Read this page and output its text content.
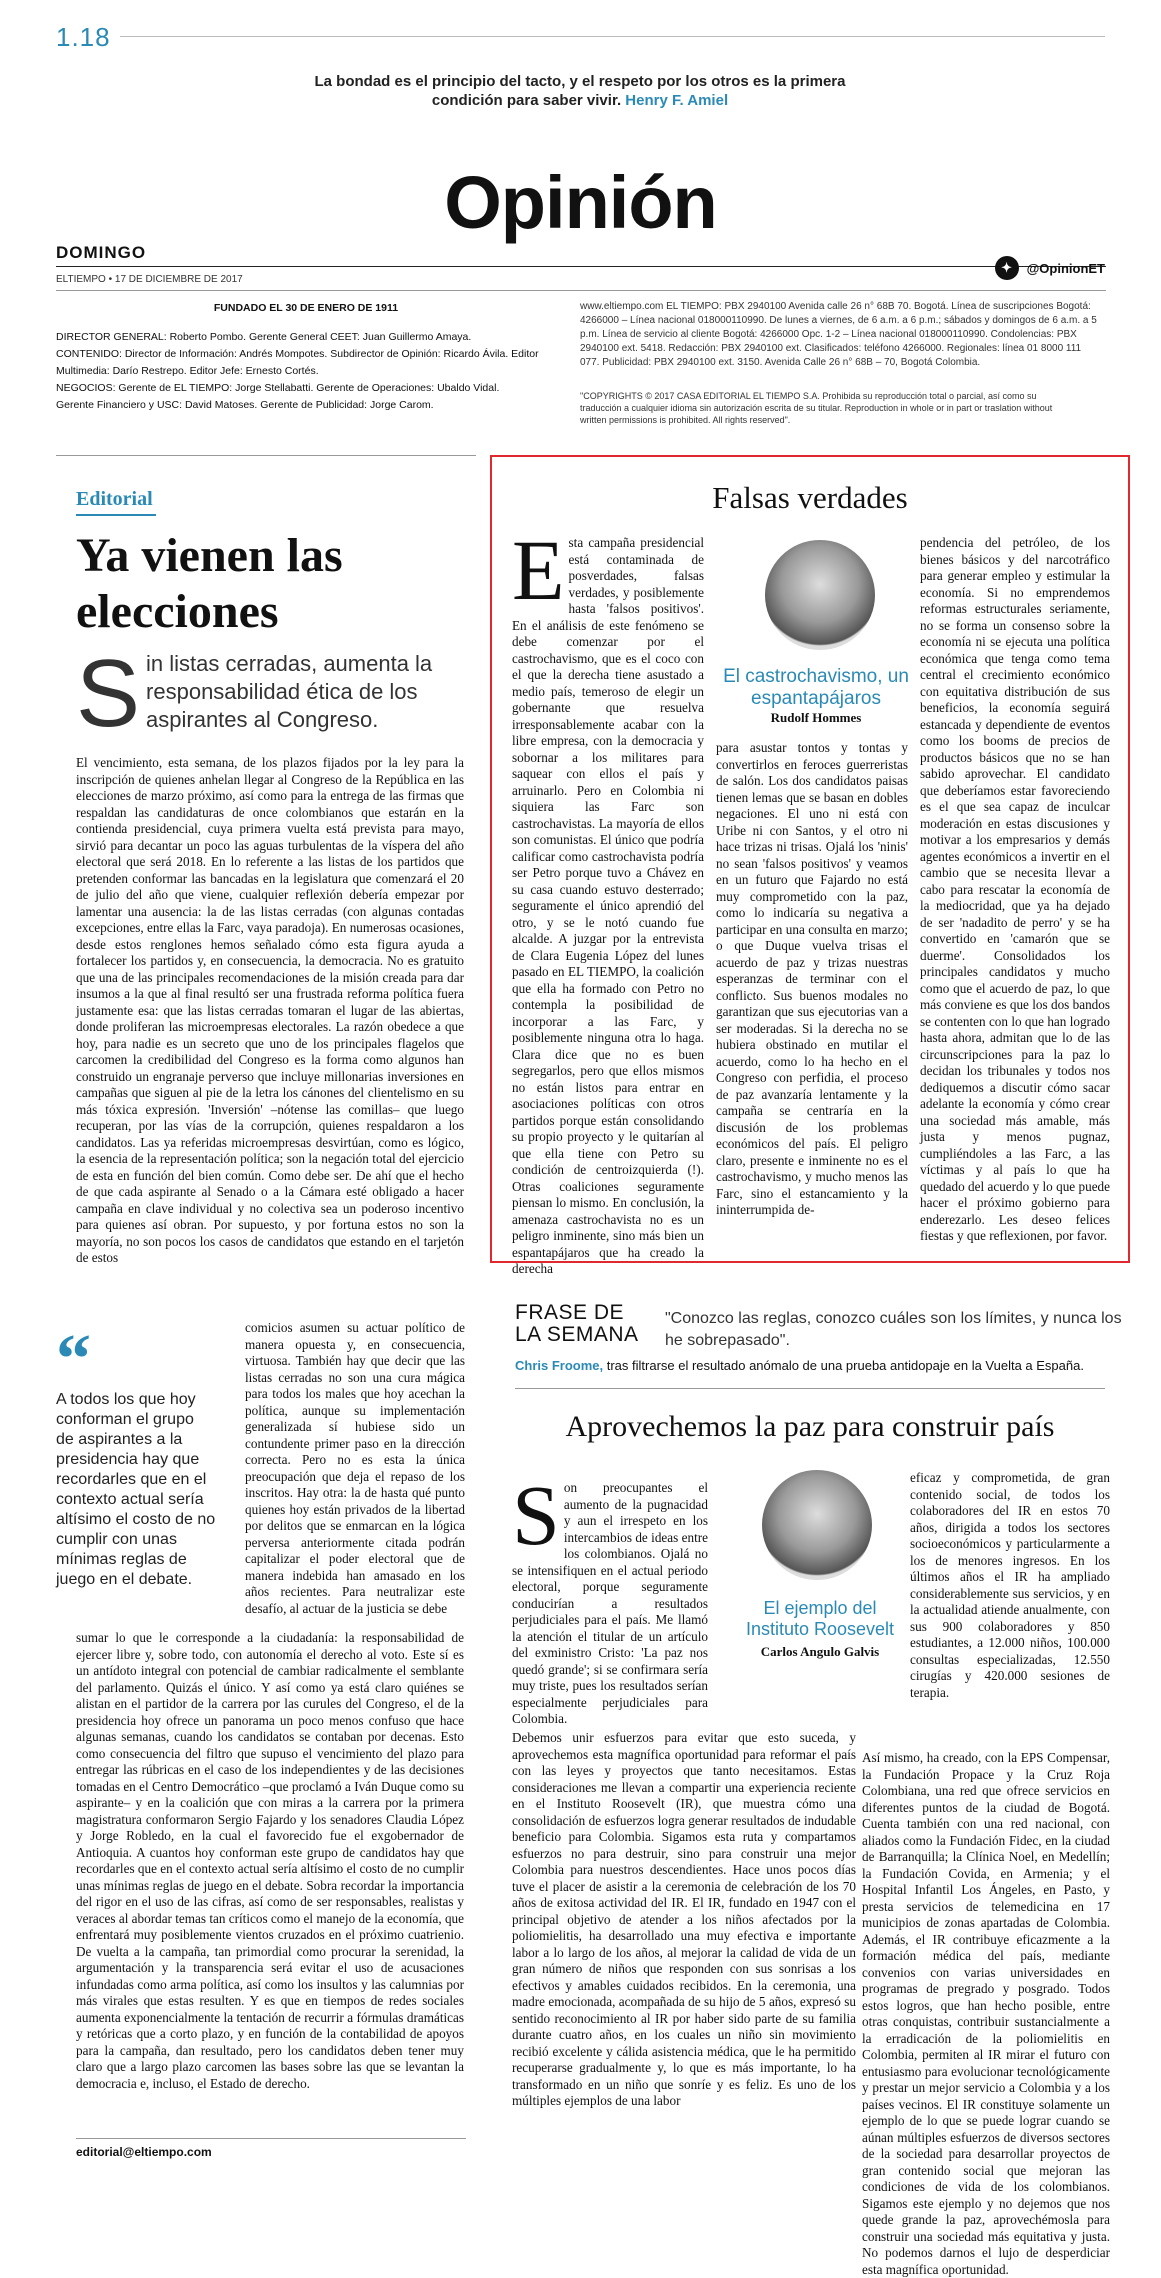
1.18
La bondad es el principio del tacto, y el respeto por los otros es la primera condición para saber vivir. Henry F. Amiel
Opinión
DOMINGO
ELTIEMPO • 17 DE DICIEMBRE DE 2017
✦	@OpinionET
FUNDADO EL 30 DE ENERO DE 1911
DIRECTOR GENERAL: Roberto Pombo. Gerente General CEET: Juan Guillermo Amaya.
CONTENIDO: Director de Información: Andrés Mompotes. Subdirector de Opinión: Ricardo Ávila. Editor Multimedia: Darío Restrepo. Editor Jefe: Ernesto Cortés.
NEGOCIOS: Gerente de EL TIEMPO: Jorge Stellabatti. Gerente de Operaciones: Ubaldo Vidal.
Gerente Financiero y USC: David Matoses. Gerente de Publicidad: Jorge Carom.
www.eltiempo.com EL TIEMPO: PBX 2940100 Avenida calle 26 n° 68B 70. Bogotá. Línea de suscripciones Bogotá: 4266000 – Línea nacional 018000110990. De lunes a viernes, de 6 a.m. a 6 p.m.; sábados y domingos de 6 a.m. a 5 p.m. Línea de servicio al cliente Bogotá: 4266000 Opc. 1-2 – Línea nacional 018000110990. Condolencias: PBX 2940100 ext. 5418. Redacción: PBX 2940100 ext. Clasificados: teléfono 4266000. Regionales: línea 01 8000 111 077. Publicidad: PBX 2940100 ext. 3150. Avenida Calle 26 n° 68B – 70, Bogotá Colombia.
"COPYRIGHTS © 2017 CASA EDITORIAL EL TIEMPO S.A. Prohibida su reproducción total o parcial, así como su traducción a cualquier idioma sin autorización escrita de su titular. Reproduction in whole or in part or traslation without written permissions is prohibited. All rights reserved".
Editorial
Ya vienen las elecciones
S in listas cerradas, aumenta la responsabilidad ética de los aspirantes al Congreso.
El vencimiento, esta semana, de los plazos fijados por la ley para la inscripción de quienes anhelan llegar al Congreso de la República en las elecciones de marzo próximo, así como para la entrega de las firmas que respaldan las candidaturas de once colombianos que estarán en la contienda presidencial, cuya primera vuelta está prevista para mayo, sirvió para decantar un poco las aguas turbulentas de la víspera del año electoral que será 2018. En lo referente a las listas de los partidos que pretenden conformar las bancadas en la legislatura que comenzará el 20 de julio del año que viene, cualquier reflexión debería empezar por lamentar una ausencia: la de las listas cerradas (con algunas contadas excepciones, entre ellas la Farc, vaya paradoja). En numerosas ocasiones, desde estos renglones hemos señalado cómo esta figura ayuda a fortalecer los partidos y, en consecuencia, la democracia. No es gratuito que una de las principales recomendaciones de la misión creada para dar insumos a la que al final resultó ser una frustrada reforma política fuera justamente esa: que las listas cerradas tomaran el lugar de las abiertas, donde proliferan las microempresas electorales. La razón obedece a que hoy, para nadie es un secreto que uno de los principales flagelos que carcomen la credibilidad del Congreso es la forma como algunos han construido un engranaje perverso que incluye millonarias inversiones en campañas que siguen al pie de la letra los cánones del clientelismo en su más tóxica expresión. 'Inversión' –nótense las comillas– que luego recuperan, por las vías de la corrupción, quienes respaldaron a los candidatos. Las ya referidas microempresas desvirtúan, como es lógico, la esencia de la representación política; son la negación total del ejercicio de esta en función del bien común. Como debe ser. De ahí que el hecho de que cada aspirante al Senado o a la Cámara esté obligado a hacer campaña en clave individual y no colectiva sea un poderoso incentivo para quienes así obran. Por supuesto, y por fortuna estos no son la mayoría, no son pocos los casos de candidatos que estando en el tarjetón de estos
“
A todos los que hoy conforman el grupo de aspirantes a la presidencia hay que recordarles que en el contexto actual sería altísimo el costo de no cumplir con unas mínimas reglas de juego en el debate.
comicios asumen su actuar político de manera opuesta y, en consecuencia, virtuosa. También hay que decir que las listas cerradas no son una cura mágica para todos los males que hoy acechan la política, aunque su implementación generalizada sí hubiese sido un contundente primer paso en la dirección correcta. Pero no es esta la única preocupación que deja el repaso de los inscritos. Hay otra: la de hasta qué punto quienes hoy están privados de la libertad por delitos que se enmarcan en la lógica perversa anteriormente citada podrán capitalizar el poder electoral que de manera indebida han amasado en los años recientes. Para neutralizar este desafío, al actuar de la justicia se debe
sumar lo que le corresponde a la ciudadanía: la responsabilidad de ejercer libre y, sobre todo, con autonomía el derecho al voto. Este sí es un antídoto integral con potencial de cambiar radicalmente el semblante del parlamento. Quizás el único. Y así como ya está claro quiénes se alistan en el partidor de la carrera por las curules del Congreso, el de la presidencia hoy ofrece un panorama un poco menos confuso que hace algunas semanas, cuando los candidatos se contaban por decenas. Esto como consecuencia del filtro que supuso el vencimiento del plazo para entregar las rúbricas en el caso de los independientes y de las decisiones tomadas en el Centro Democrático –que proclamó a Iván Duque como su aspirante– y en la coalición que con miras a la carrera por la primera magistratura conformaron Sergio Fajardo y los senadores Claudia López y Jorge Robledo, en la cual el favorecido fue el exgobernador de Antioquia. A cuantos hoy conforman este grupo de candidatos hay que recordarles que en el contexto actual sería altísimo el costo de no cumplir unas mínimas reglas de juego en el debate. Sobra recordar la importancia del rigor en el uso de las cifras, así como de ser responsables, realistas y veraces al abordar temas tan críticos como el manejo de la economía, que enfrentará muy posiblemente vientos cruzados en el próximo cuatrienio. De vuelta a la campaña, tan primordial como procurar la serenidad, la argumentación y la transparencia será evitar el uso de acusaciones infundadas como arma política, así como los insultos y las calumnias por más virales que estas resulten. Y es que en tiempos de redes sociales aumenta exponencialmente la tentación de recurrir a fórmulas dramáticas y retóricas que a corto plazo, y en función de la contabilidad de apoyos para la campaña, dan resultado, pero los candidatos deben tener muy claro que a largo plazo carcomen las bases sobre las que se levantan la democracia e, incluso, el Estado de derecho.
editorial@eltiempo.com
Falsas verdades
E sta campaña presidencial está contaminada de posverdades, falsas verdades, y posiblemente hasta 'falsos positivos'. En el análisis de este fenómeno se debe comenzar por el castrochavismo, que es el coco con el que la derecha tiene asustado a medio país, temeroso de elegir un gobernante que resuelva irresponsablemente acabar con la libre empresa, con la democracia y sobornar a los militares para saquear con ellos el país y arruinarlo. Pero en Colombia ni siquiera las Farc son castrochavistas. La mayoría de ellos son comunistas. El único que podría calificar como castrochavista podría ser Petro porque tuvo a Chávez en su casa cuando estuvo desterrado; seguramente el único aprendió del otro, y se le notó cuando fue alcalde. A juzgar por la entrevista de Clara Eugenia López del lunes pasado en EL TIEMPO, la coalición que ella ha formado con Petro no contempla la posibilidad de incorporar a las Farc, y posiblemente ninguna otra lo haga. Clara dice que no es buen segregarlos, pero que ellos mismos no están listos para entrar en asociaciones políticas con otros partidos porque están consolidando su propio proyecto y le quitarían al que ella tiene con Petro su condición de centroizquierda (!). Otras coaliciones seguramente piensan lo mismo. En conclusión, la amenaza castrochavista no es un peligro inminente, sino más bien un espantapájaros que ha creado la derecha
El castrochavismo, un espantapájaros
Rudolf Hommes
para asustar tontos y tontas y convertirlos en feroces guerreristas de salón. Los dos candidatos paisas tienen lemas que se basan en dobles negaciones. El uno ni está con Uribe ni con Santos, y el otro ni hace trizas ni trisas. Ojalá los 'ninis' no sean 'falsos positivos' y veamos en un futuro que Fajardo no está muy comprometido con la paz, como lo indicaría su negativa a participar en una consulta en marzo; o que Duque vuelva trisas el acuerdo de paz y trizas nuestras esperanzas de terminar con el conflicto. Sus buenos modales no garantizan que sus ejecutorias van a ser moderadas. Si la derecha no se hubiera obstinado en mutilar el acuerdo, como lo ha hecho en el Congreso con perfidia, el proceso de paz avanzaría lentamente y la campaña se centraría en la discusión de los problemas económicos del país. El peligro claro, presente e inminente no es el castrochavismo, y mucho menos las Farc, sino el estancamiento y la ininterrumpida de-
pendencia del petróleo, de los bienes básicos y del narcotráfico para generar empleo y estimular la economía. Si no emprendemos reformas estructurales seriamente, no se forma un consenso sobre la economía ni se ejecuta una política económica que tenga como tema central el crecimiento económico con equitativa distribución de sus beneficios, la economía seguirá estancada y dependiente de eventos como los booms de precios de productos básicos que no se han sabido aprovechar. El candidato que deberíamos estar favoreciendo es el que sea capaz de inculcar moderación en estas discusiones y motivar a los empresarios y demás agentes económicos a invertir en el cambio que se necesita llevar a cabo para rescatar la economía de la mediocridad, que ya ha dejado de ser 'nadadito de perro' y se ha convertido en 'camarón que se duerme'. Consolidados los principales candidatos y mucho como que el acuerdo de paz, lo que más conviene es que los dos bandos se contenten con lo que han logrado hasta ahora, admitan que lo de las circunscripciones para la paz lo decidan los tribunales y todos nos dediquemos a discutir cómo sacar adelante la economía y cómo crear una sociedad más amable, más justa y menos pugnaz, cumpliéndoles a las Farc, a las víctimas y al país lo que ha quedado del acuerdo y lo que puede hacer el próximo gobierno para enderezarlo. Les deseo felices fiestas y que reflexionen, por favor.
FRASE DE LA SEMANA
"Conozco las reglas, conozco cuáles son los límites, y nunca los he sobrepasado".
Chris Froome, tras filtrarse el resultado anómalo de una prueba antidopaje en la Vuelta a España.
Aprovechemos la paz para construir país
S on preocupantes el aumento de la pugnacidad y aun el irrespeto en los intercambios de ideas entre los colombianos. Ojalá no se intensifiquen en el actual periodo electoral, porque seguramente conducirían a resultados perjudiciales para el país. Me llamó la atención el titular de un artículo del exministro Cristo: 'La paz nos quedó grande'; si se confirmara sería muy triste, pues los resultados serían especialmente perjudiciales para Colombia.
El ejemplo del Instituto Roosevelt
Carlos Angulo Galvis
Debemos unir esfuerzos para evitar que esto suceda, y aprovechemos esta magnífica oportunidad para reformar el país con las leyes y proyectos que tanto necesitamos. Estas consideraciones me llevan a compartir una experiencia reciente en el Instituto Roosevelt (IR), que muestra cómo una consolidación de esfuerzos logra generar resultados de indudable beneficio para Colombia. Sigamos esta ruta y compartamos esfuerzos no para destruir, sino para construir una mejor Colombia para nuestros descendientes. Hace unos pocos días tuve el placer de asistir a la ceremonia de celebración de los 70 años de exitosa actividad del IR. El IR, fundado en 1947 con el principal objetivo de atender a los niños afectados por la poliomielitis, ha desarrollado una muy efectiva e importante labor a lo largo de los años, al mejorar la calidad de vida de un gran número de niños que responden con sus sonrisas a los efectivos y amables cuidados recibidos. En la ceremonia, una madre emocionada, acompañada de su hijo de 5 años, expresó su sentido reconocimiento al IR por haber sido parte de su familia durante cuatro años, en los cuales un niño sin movimiento recibió excelente y cálida asistencia médica, que le ha permitido recuperarse gradualmente y, lo que es más importante, lo ha transformado en un niño que sonríe y es feliz. Es uno de los múltiples ejemplos de una labor
eficaz y comprometida, de gran contenido social, de todos los colaboradores del IR en estos 70 años, dirigida a todos los sectores socioeconómicos y particularmente a los de menores ingresos. En los últimos años el IR ha ampliado considerablemente sus servicios, y en la actualidad atiende anualmente, con sus 900 colaboradores y 850 estudiantes, a 12.000 niños, 100.000 consultas especializadas, 12.550 cirugías y 420.000 sesiones de terapia.
Así mismo, ha creado, con la EPS Compensar, la Fundación Propace y la Cruz Roja Colombiana, una red que ofrece servicios en diferentes puntos de la ciudad de Bogotá. Cuenta también con una red nacional, con aliados como la Fundación Fidec, en la ciudad de Barranquilla; la Clínica Noel, en Medellín; la Fundación Covida, en Armenia; y el Hospital Infantil Los Ángeles, en Pasto, y presta servicios de telemedicina en 17 municipios de zonas apartadas de Colombia. Además, el IR contribuye eficazmente a la formación médica del país, mediante convenios con varias universidades en programas de pregrado y posgrado. Todos estos logros, que han hecho posible, entre otras conquistas, contribuir sustancialmente a la erradicación de la poliomielitis en Colombia, permiten al IR mirar el futuro con entusiasmo para evolucionar tecnológicamente y prestar un mejor servicio a Colombia y a los países vecinos. El IR constituye solamente un ejemplo de lo que se puede lograr cuando se aúnan múltiples esfuerzos de diversos sectores de la sociedad para desarrollar proyectos de gran contenido social que mejoran las condiciones de vida de los colombianos. Sigamos este ejemplo y no dejemos que nos quede grande la paz, aprovechémosla para construir una sociedad más equitativa y justa. No podemos darnos el lujo de desperdiciar esta magnífica oportunidad.
